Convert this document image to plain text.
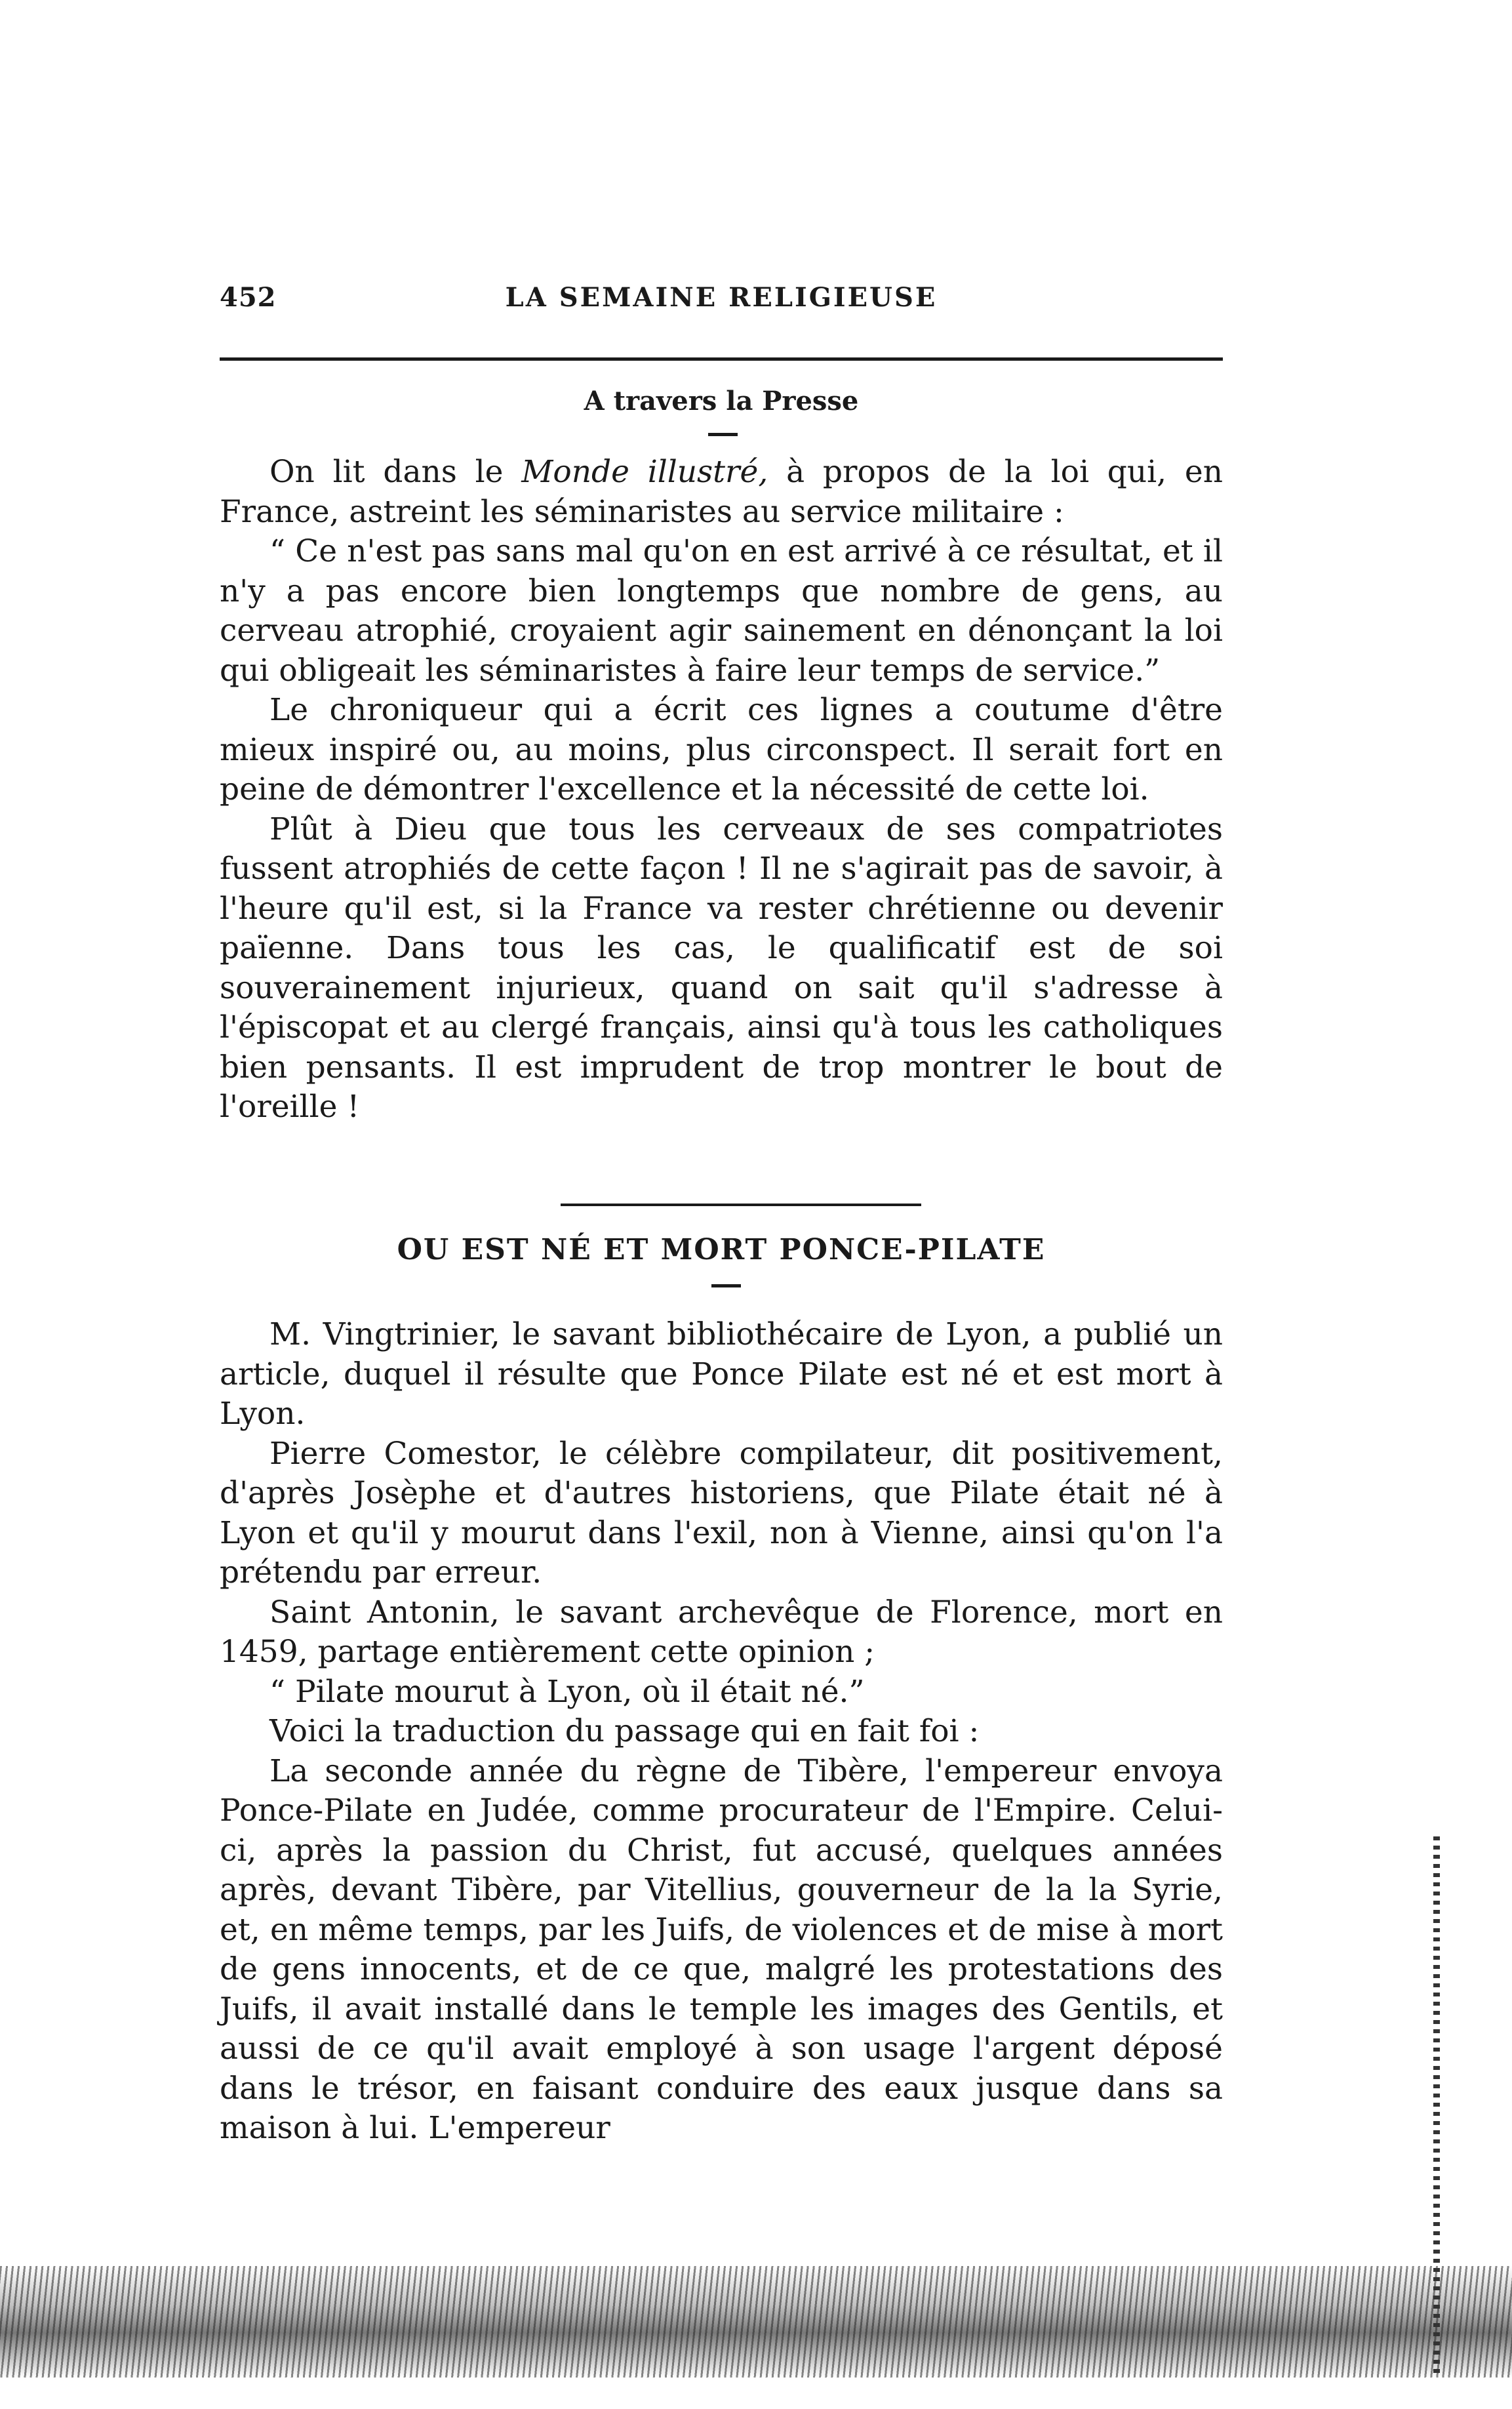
452	LA SEMAINE RELIGIEUSE
A travers la Presse

On lit dans le Monde illustré, à propos de la loi qui, en France, astreint les séminaristes au service militaire :

“ Ce n'est pas sans mal qu'on en est arrivé à ce résultat, et il n'y a pas encore bien longtemps que nombre de gens, au cerveau atrophié, croyaient agir sainement en dénonçant la loi qui obligeait les séminaristes à faire leur temps de service.”

Le chroniqueur qui a écrit ces lignes a coutume d'être mieux inspiré ou, au moins, plus circonspect. Il serait fort en peine de démontrer l'excellence et la nécessité de cette loi.

Plût à Dieu que tous les cerveaux de ses compatriotes fussent atrophiés de cette façon ! Il ne s'agirait pas de savoir, à l'heure qu'il est, si la France va rester chrétienne ou devenir païenne. Dans tous les cas, le qualificatif est de soi souverainement injurieux, quand on sait qu'il s'adresse à l'épiscopat et au clergé français, ainsi qu'à tous les catholiques bien pensants. Il est imprudent de trop montrer le bout de l'oreille !

OU EST NÉ ET MORT PONCE-PILATE

M. Vingtrinier, le savant bibliothécaire de Lyon, a publié un article, duquel il résulte que Ponce Pilate est né et est mort à Lyon.

Pierre Comestor, le célèbre compilateur, dit positivement, d'après Josèphe et d'autres historiens, que Pilate était né à Lyon et qu'il y mourut dans l'exil, non à Vienne, ainsi qu'on l'a prétendu par erreur.

Saint Antonin, le savant archevêque de Florence, mort en 1459, partage entièrement cette opinion ;

“ Pilate mourut à Lyon, où il était né.”

Voici la traduction du passage qui en fait foi :

La seconde année du règne de Tibère, l'empereur envoya Ponce-Pilate en Judée, comme procurateur de l'Empire. Celui-ci, après la passion du Christ, fut accusé, quelques années après, devant Tibère, par Vitellius, gouverneur de la la Syrie, et, en même temps, par les Juifs, de violences et de mise à mort de gens innocents, et de ce que, malgré les protestations des Juifs, il avait installé dans le temple les images des Gentils, et aussi de ce qu'il avait employé à son usage l'argent déposé dans le trésor, en faisant conduire des eaux jusque dans sa maison à lui. L'empereur
